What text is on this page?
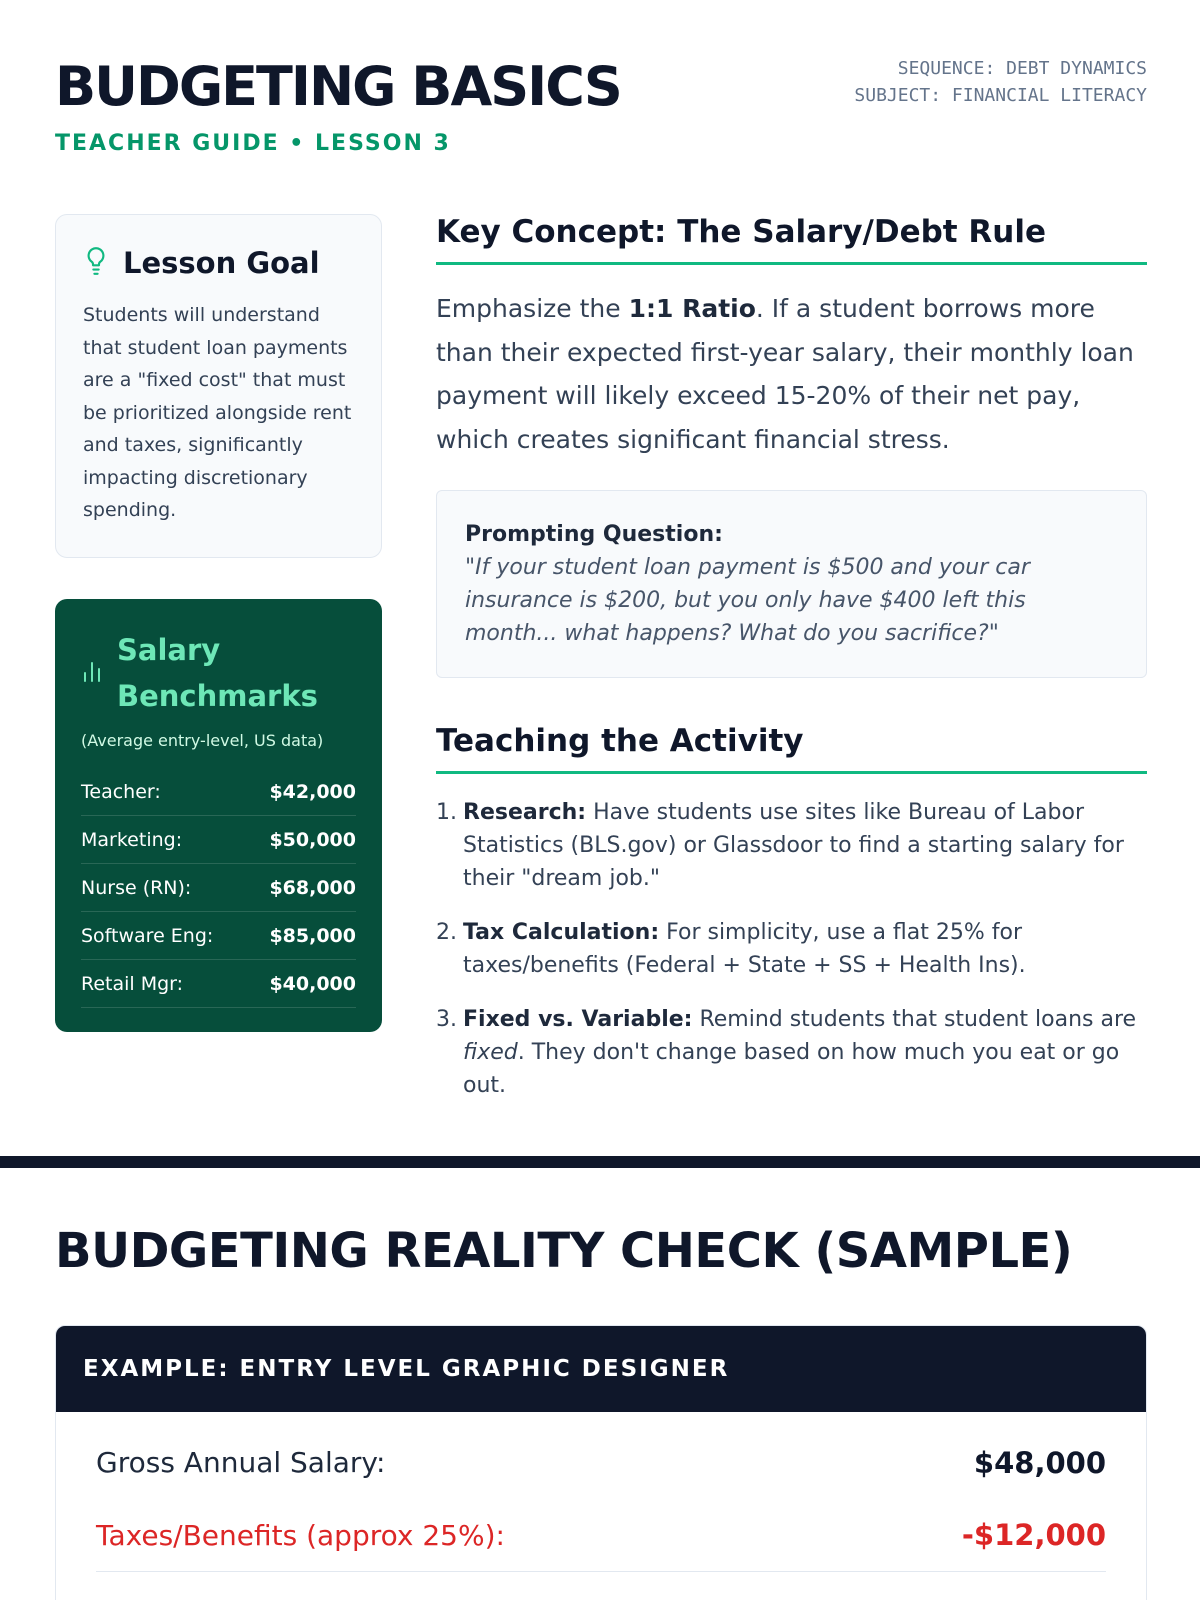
BUDGETING BASICS
TEACHER GUIDE • LESSON 3
SEQUENCE: DEBT DYNAMICS
SUBJECT: FINANCIAL LITERACY
Lesson Goal

Students will understand that student loan payments are a "fixed cost" that must be prioritized alongside rent and taxes, significantly impacting discretionary spending.

Salary Benchmarks
(Average entry-level, US data)
Teacher:	$42,000
Marketing:	$50,000
Nurse (RN):	$68,000
Software Eng:	$85,000
Retail Mgr:	$40,000
Key Concept: The Salary/Debt Rule

Emphasize the 1:1 Ratio. If a student borrows more than their expected first-year salary, their monthly loan payment will likely exceed 15-20% of their net pay, which creates significant financial stress.

Prompting Question:
"If your student loan payment is $500 and your car insurance is $200, but you only have $400 left this month... what happens? What do you sacrifice?"
Teaching the Activity
1. Research: Have students use sites like Bureau of Labor Statistics (BLS.gov) or Glassdoor to find a starting salary for their "dream job."
2. Tax Calculation: For simplicity, use a flat 25% for taxes/benefits (Federal + State + SS + Health Ins).
3. Fixed vs. Variable: Remind students that student loans are fixed. They don't change based on how much you eat or go out.
BUDGETING REALITY CHECK (SAMPLE)
EXAMPLE: ENTRY LEVEL GRAPHIC DESIGNER
Gross Annual Salary:	$48,000
Taxes/Benefits (approx 25%):	-$12,000
